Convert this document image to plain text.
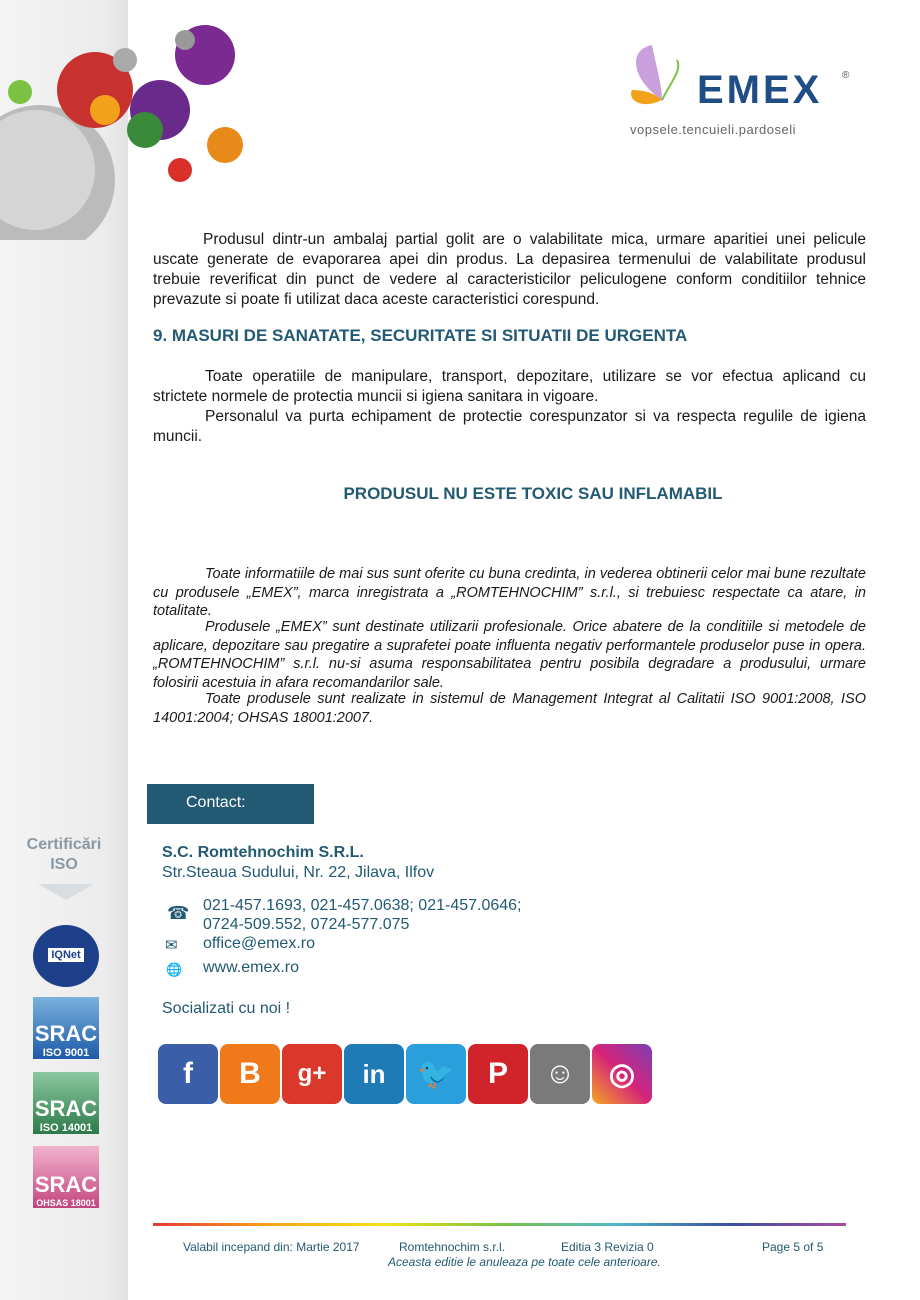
EMEX ®
vopsele.tencuieli.pardoseli

Produsul dintr-un ambalaj partial golit are o valabilitate mica, urmare aparitiei unei pelicule uscate generate de evaporarea apei din produs. La depasirea termenului de valabilitate produsul trebuie reverificat din punct de vedere al caracteristicilor peliculogene conform conditiilor tehnice prevazute si poate fi utilizat daca aceste caracteristici corespund.

9. MASURI DE SANATATE, SECURITATE SI SITUATII DE URGENTA

Toate operatiile de manipulare, transport, depozitare, utilizare se vor efectua aplicand cu strictete normele de protectia muncii si igiena sanitara in vigoare.

Personalul va purta echipament de protectie corespunzator si va respecta regulile de igiena muncii.

PRODUSUL NU ESTE TOXIC SAU INFLAMABIL

Toate informatiile de mai sus sunt oferite cu buna credinta, in vederea obtinerii celor mai bune rezultate cu produsele „EMEX”, marca inregistrata a „ROMTEHNOCHIM” s.r.l., si trebuiesc respectate ca atare, in totalitate.

Produsele „EMEX” sunt destinate utilizarii profesionale. Orice abatere de la conditiile si metodele de aplicare, depozitare sau pregatire a suprafetei poate influenta negativ performantele produselor puse in opera. „ROMTEHNOCHIM” s.r.l. nu-si asuma responsabilitatea pentru posibila degradare a produsului, urmare folosirii acestuia in afara recomandarilor sale.

Toate produsele sunt realizate in sistemul de Management Integrat al Calitatii ISO 9001:2008, ISO 14001:2004; OHSAS 18001:2007.

Contact:
Certificări
ISO
IQNet
SRAC
ISO 9001
SRAC
ISO 14001
SRAC
OHSAS 18001
S.C. Romtehnochim S.R.L.
Str.Steaua Sudului, Nr. 22, Jilava, Ilfov
☎ 021-457.1693, 021-457.0638; 021-457.0646;
0724-509.552, 0724-577.075
✉ office@emex.ro
🌐 www.emex.ro
Socializati cu noi !
f	B	g+	in	🐦	P	☺	◎
Valabil incepand din: Martie 2017	Romtehnochim s.r.l.	Editia 3 Revizia 0	Page 5 of 5
Aceasta editie le anuleaza pe toate cele anterioare.
